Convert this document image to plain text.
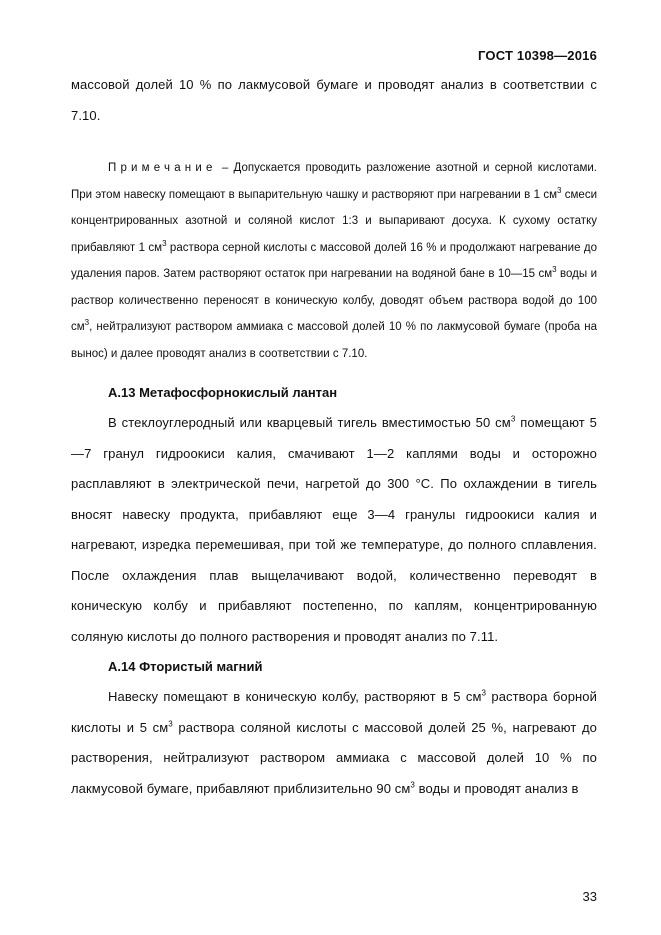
ГОСТ 10398—2016

массовой долей 10 % по лакмусовой бумаге и проводят анализ в соответствии с 7.10.

Примечание – Допускается проводить разложение азотной и серной кислотами. При этом навеску помещают в выпарительную чашку и растворяют при нагревании в 1 $см^3$ смеси концентрированных азотной и соляной кислот 1:3 и выпаривают досуха. К сухому остатку прибавляют 1 $см^3$ раствора серной кислоты с массовой долей 16 % и продолжают нагревание до удаления паров. Затем растворяют остаток при нагревании на водяной бане в 10—15 $см^3$ воды и раствор количественно переносят в коническую колбу, доводят объем раствора водой до 100 $см^3$, нейтрализуют раствором аммиака с массовой долей 10 % по лакмусовой бумаге (проба на вынос) и далее проводят анализ в соответствии с 7.10.

А.13 Метафосфорнокислый лантан

В стеклоуглеродный или кварцевый тигель вместимостью 50 $см^3$ помещают 5—7 гранул гидроокиси калия, смачивают 1—2 каплями воды и осторожно расплавляют в электрической печи, нагретой до 300 °С. По охлаждении в тигель вносят навеску продукта, прибавляют еще 3—4 гранулы гидроокиси калия и нагревают, изредка перемешивая, при той же температуре, до полного сплавления. После охлаждения плав выщелачивают водой, количественно переводят в коническую колбу и прибавляют постепенно, по каплям, концентрированную соляную кислоты до полного растворения и проводят анализ по 7.11.

А.14 Фтористый магний

Навеску помещают в коническую колбу, растворяют в 5 $см^3$ раствора борной кислоты и 5 $см^3$ раствора соляной кислоты с массовой долей 25 %, нагревают до растворения, нейтрализуют раствором аммиака с массовой долей 10 % по лакмусовой бумаге, прибавляют приблизительно 90 $см^3$ воды и проводят анализ в

33
